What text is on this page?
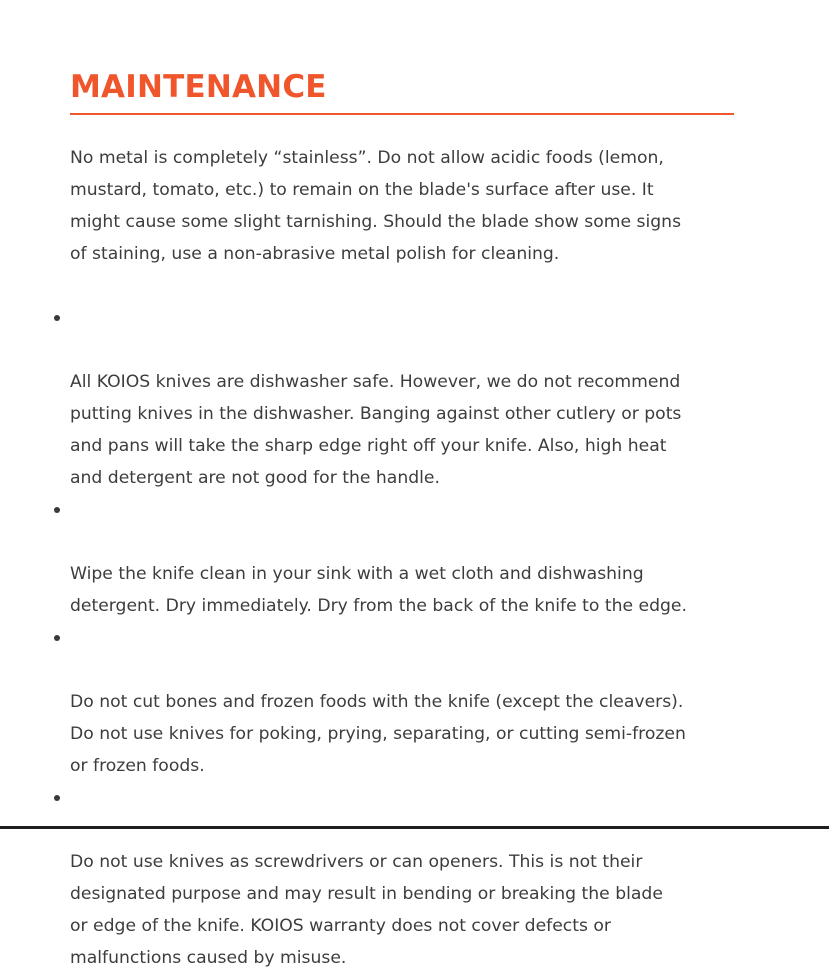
MAINTENANCE

No metal is completely “stainless”. Do not allow acidic foods (lemon,
mustard, tomato, etc.) to remain on the blade's surface after use. It
might cause some slight tarnishing. Should the blade show some signs
of staining, use a non-abrasive metal polish for cleaning.

All KOIOS knives are dishwasher safe. However, we do not recommend
putting knives in the dishwasher. Banging against other cutlery or pots
and pans will take the sharp edge right off your knife. Also, high heat
and detergent are not good for the handle.

Wipe the knife clean in your sink with a wet cloth and dishwashing
detergent. Dry immediately. Dry from the back of the knife to the edge.

Do not cut bones and frozen foods with the knife (except the cleavers).
Do not use knives for poking, prying, separating, or cutting semi-frozen
or frozen foods.

Do not use knives as screwdrivers or can openers. This is not their
designated purpose and may result in bending or breaking the blade
or edge of the knife. KOIOS warranty does not cover defects or
malfunctions caused by misuse.
